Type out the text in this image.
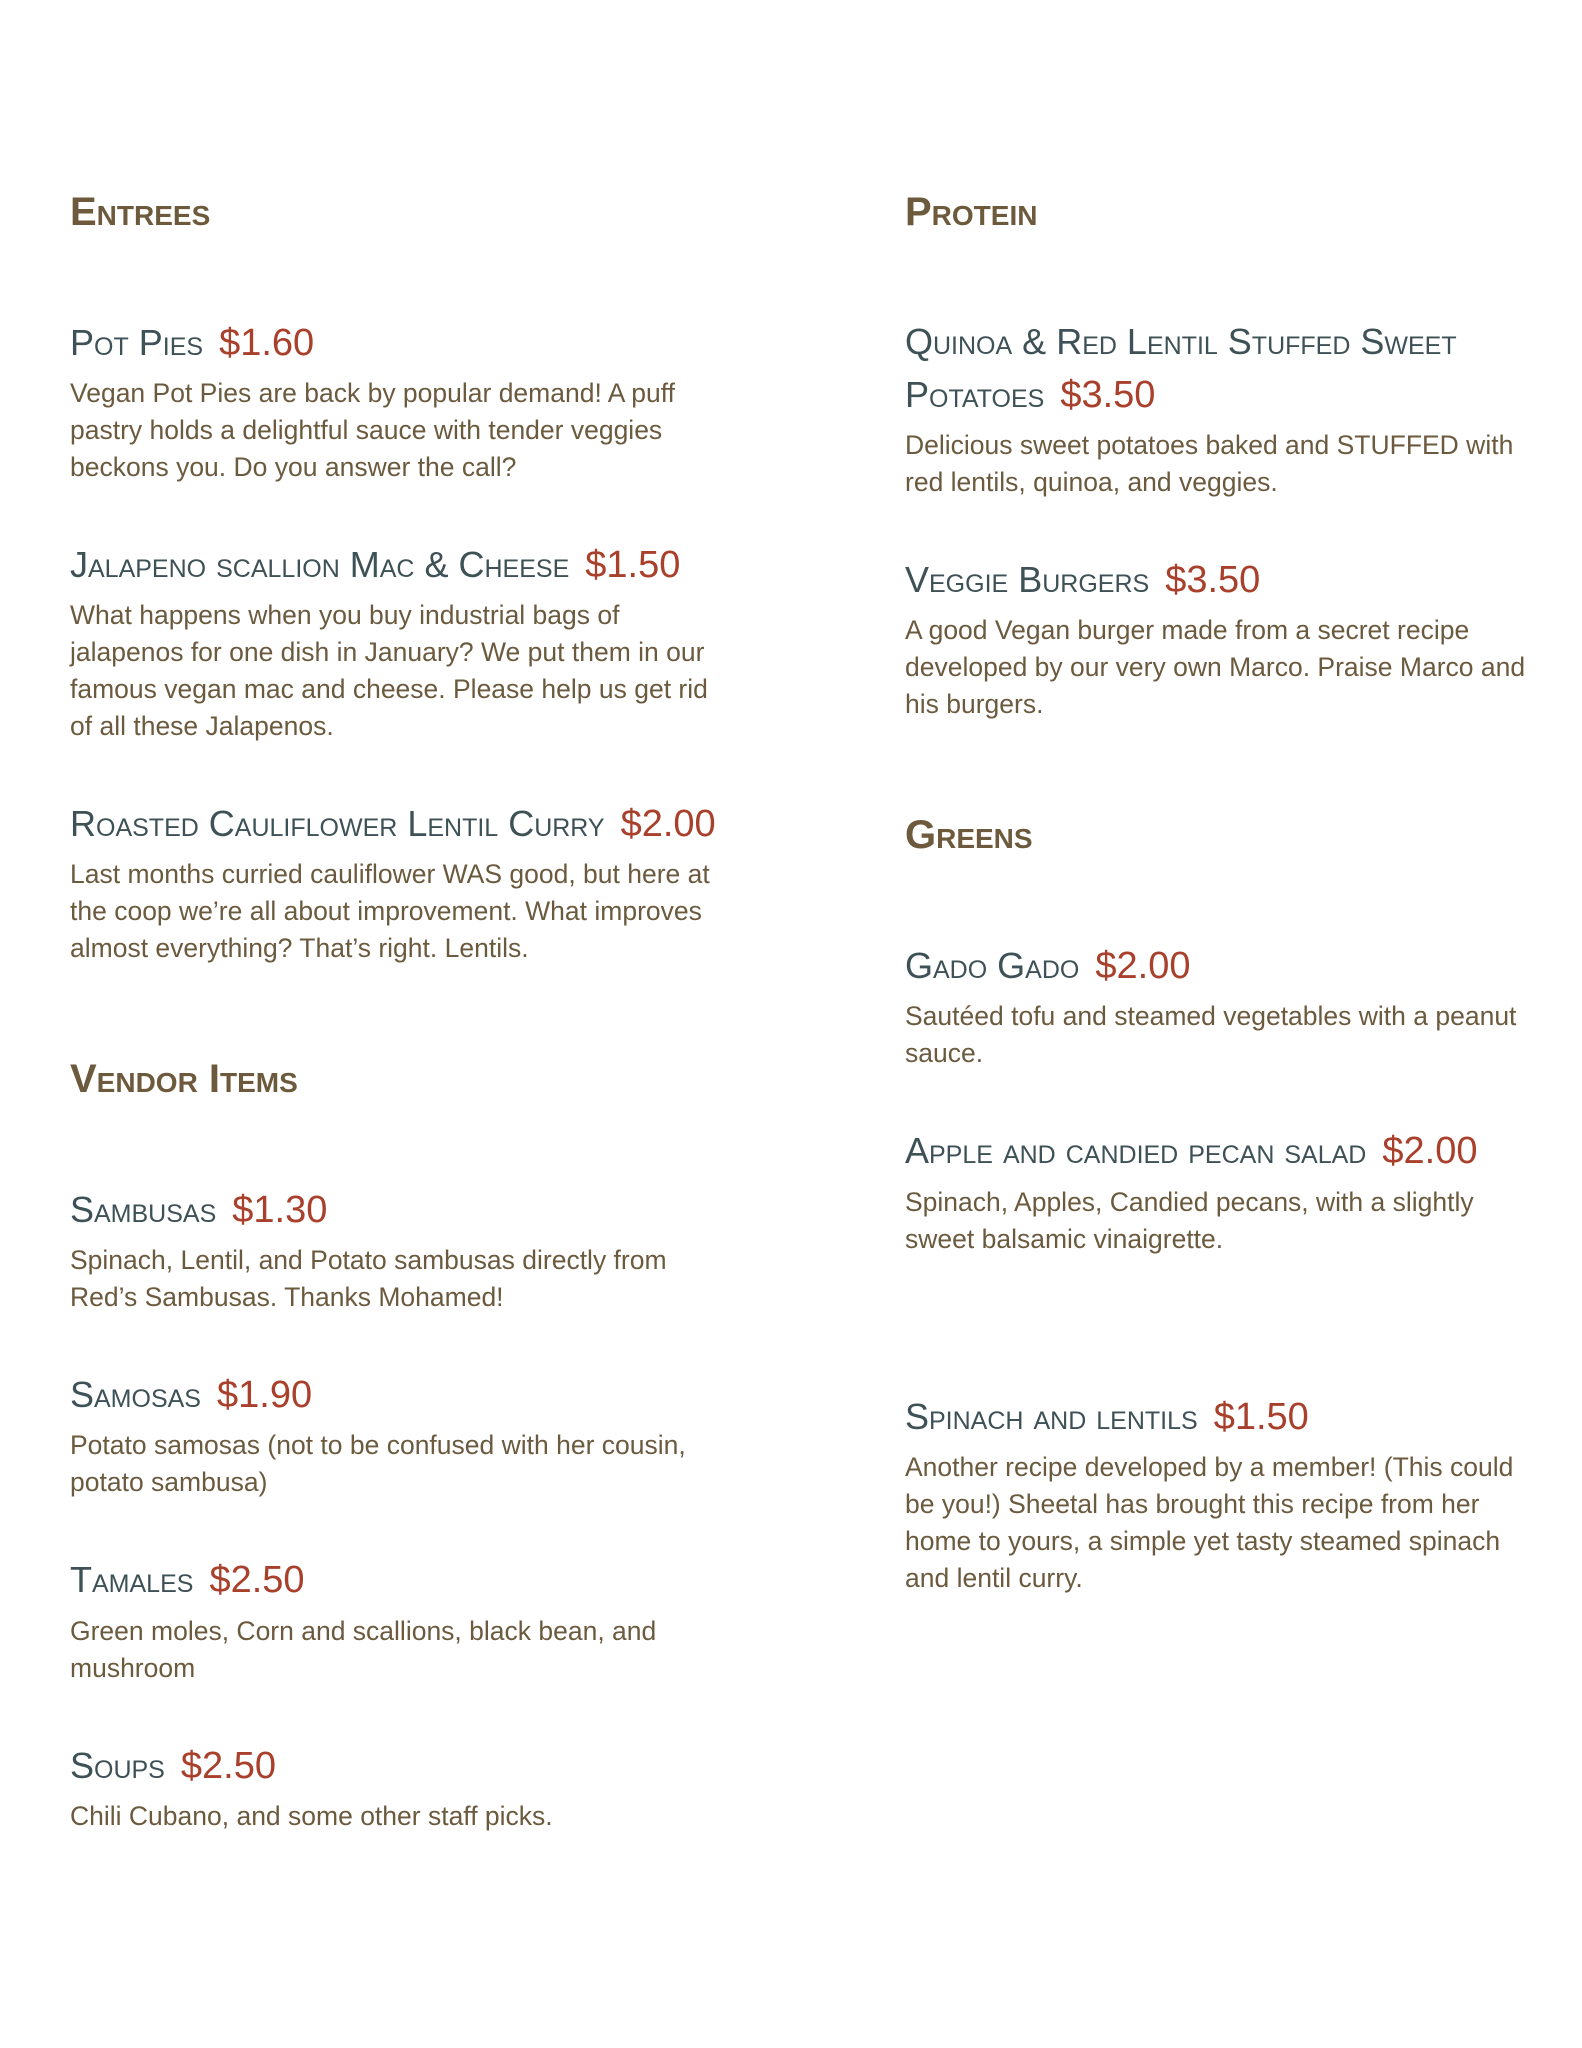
Entrees

Pot Pies $1.60

Vegan Pot Pies are back by popular demand! A puff pastry holds a delightful sauce with tender veggies beckons you. Do you answer the call?

Jalapeno scallion Mac & Cheese $1.50

What happens when you buy industrial bags of jalapenos for one dish in January? We put them in our famous vegan mac and cheese. Please help us get rid of all these Jalapenos.

Roasted Cauliflower Lentil Curry $2.00

Last months curried cauliflower WAS good, but here at the coop we’re all about improvement. What improves almost everything? That’s right. Lentils.

Vendor Items

Sambusas $1.30

Spinach, Lentil, and Potato sambusas directly from Red’s Sambusas. Thanks Mohamed!

Samosas $1.90

Potato samosas (not to be confused with her cousin, potato sambusa)

Tamales $2.50

Green moles, Corn and scallions, black bean, and mushroom

Soups $2.50

Chili Cubano, and some other staff picks.

Protein

Quinoa & Red Lentil Stuffed Sweet Potatoes $3.50

Delicious sweet potatoes baked and STUFFED with red lentils, quinoa, and veggies.

Veggie Burgers $3.50

A good Vegan burger made from a secret recipe developed by our very own Marco. Praise Marco and his burgers.

Greens

Gado Gado $2.00

Sautéed tofu and steamed vegetables with a peanut sauce.

Apple and candied pecan salad $2.00

Spinach, Apples, Candied pecans, with a slightly sweet balsamic vinaigrette.

Spinach and lentils $1.50

Another recipe developed by a member! (This could be you!) Sheetal has brought this recipe from her home to yours, a simple yet tasty steamed spinach and lentil curry.
